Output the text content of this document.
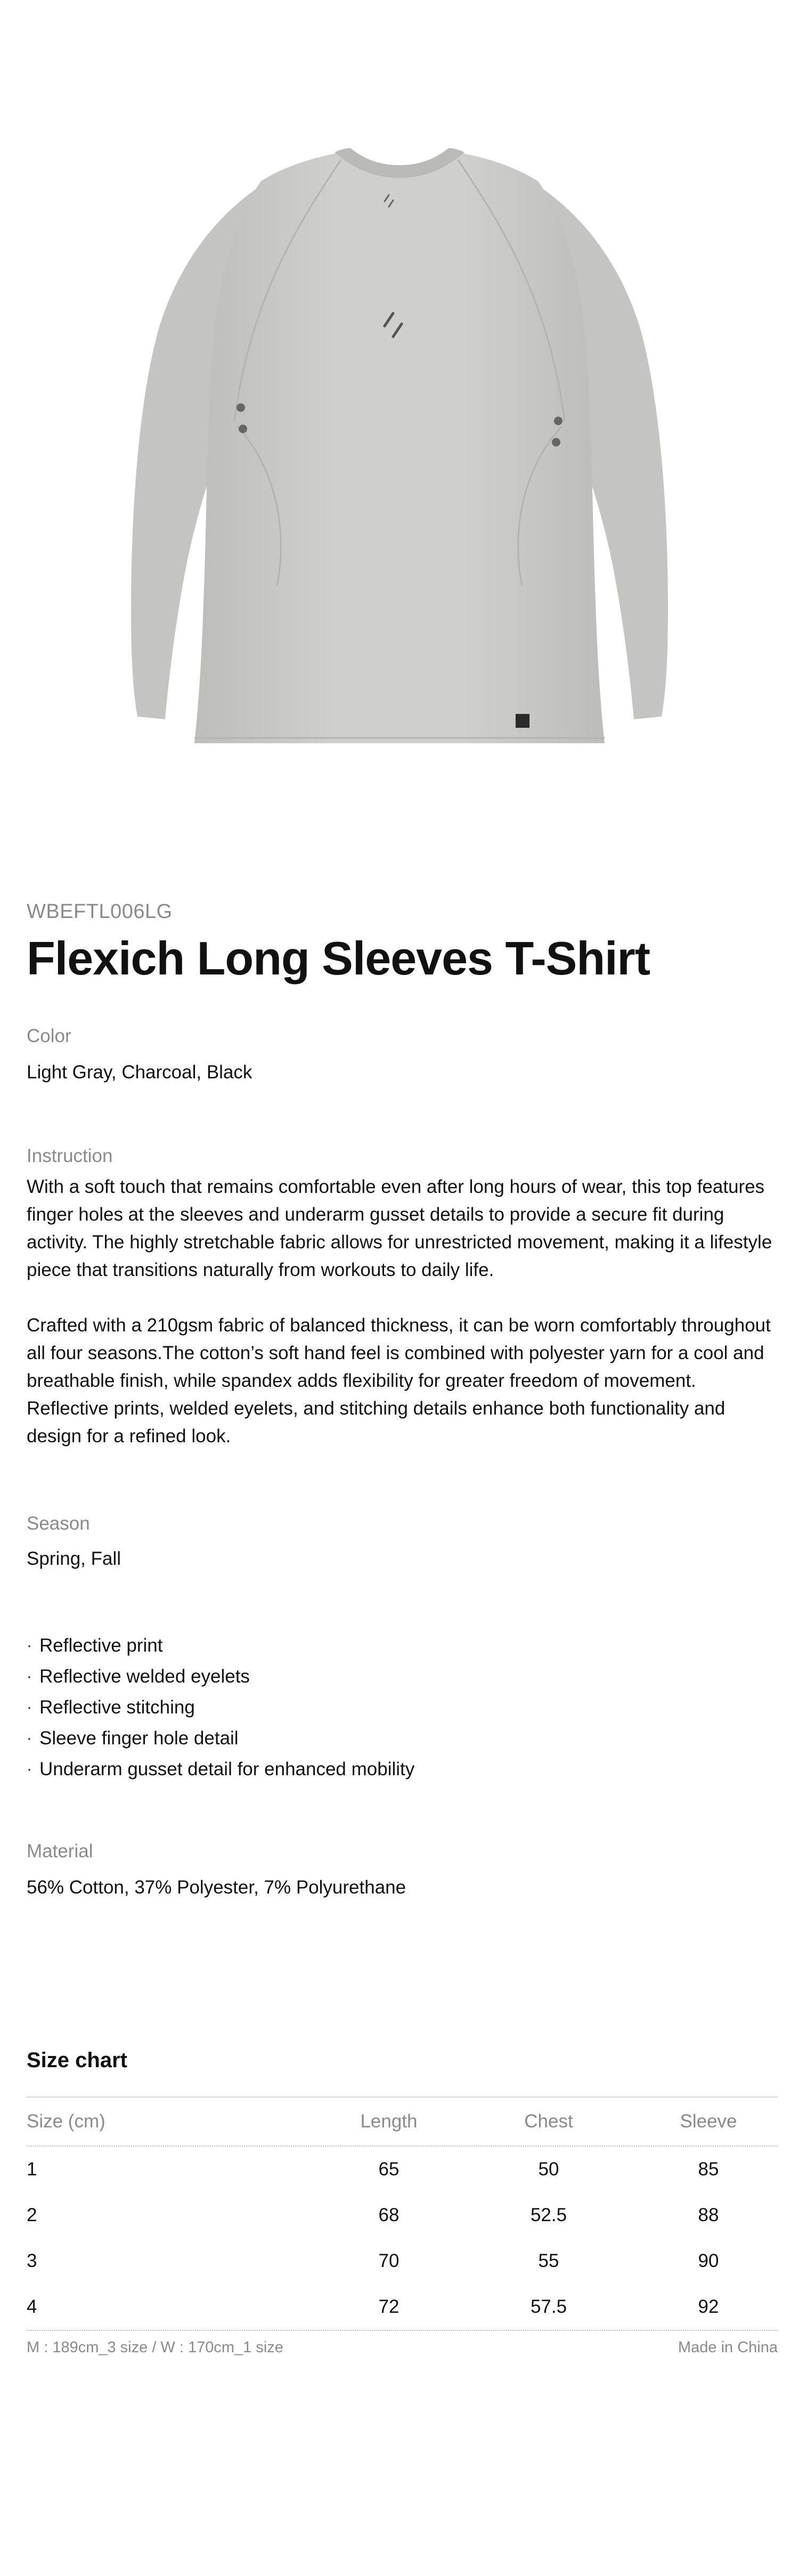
WBEFTL006LG
Flexich Long Sleeves T-Shirt
Color
Light Gray, Charcoal, Black
Instruction

With a soft touch that remains comfortable even after long hours of wear, this top features finger holes at the sleeves and underarm gusset details to provide a secure fit during activity. The highly stretchable fabric allows for unrestricted movement, making it a lifestyle piece that transitions naturally from workouts to daily life.

Crafted with a 210gsm fabric of balanced thickness, it can be worn comfortably throughout all four seasons.The cotton’s soft hand feel is combined with polyester yarn for a cool and breathable finish, while spandex adds flexibility for greater freedom of movement. Reflective prints, welded eyelets, and stitching details enhance both functionality and design for a refined look.

Season
Spring, Fall
· Reflective print
· Reflective welded eyelets
· Reflective stitching
· Sleeve finger hole detail
· Underarm gusset detail for enhanced mobility
Material
56% Cotton, 37% Polyester, 7% Polyurethane
Size chart
Size (cm)	Length	Chest	Sleeve
1	65	50	85
2	68	52.5	88
3	70	55	90
4	72	57.5	92
M : 189cm_3 size / W : 170cm_1 size	Made in China
